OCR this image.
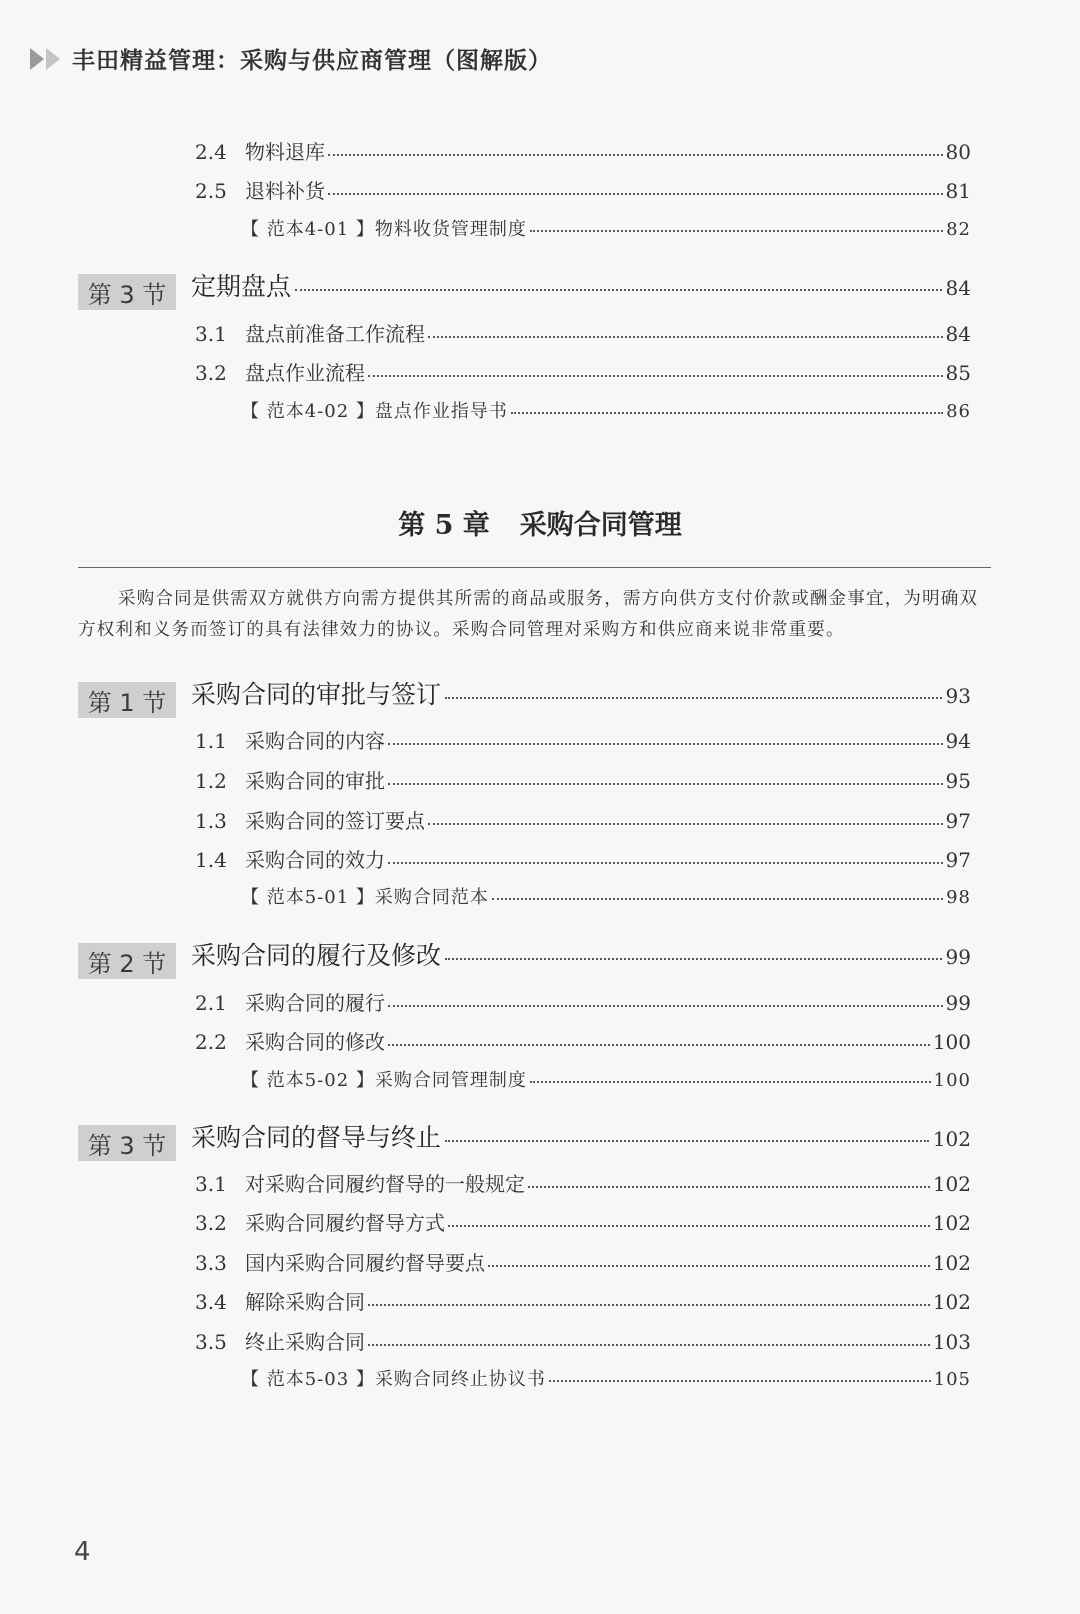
丰田精益管理：采购与供应商管理（图解版）
2.4 物料退库	80
2.5 退料补货	81
【 范本4-01 】物料收货管理制度	82
第 3 节 定期盘点	84
3.1 盘点前准备工作流程	84
3.2 盘点作业流程	85
【 范本4-02 】盘点作业指导书	86
第 5 章 采购合同管理

采购合同是供需双方就供方向需方提供其所需的商品或服务，需方向供方支付价款或酬金事宜，为明确双方权利和义务而签订的具有法律效力的协议。采购合同管理对采购方和供应商来说非常重要。

第 1 节 采购合同的审批与签订	93
1.1 采购合同的内容	94
1.2 采购合同的审批	95
1.3 采购合同的签订要点	97
1.4 采购合同的效力	97
【 范本5-01 】采购合同范本	98
第 2 节 采购合同的履行及修改	99
2.1 采购合同的履行	99
2.2 采购合同的修改	100
【 范本5-02 】采购合同管理制度	100
第 3 节 采购合同的督导与终止	102
3.1 对采购合同履约督导的一般规定	102
3.2 采购合同履约督导方式	102
3.3 国内采购合同履约督导要点	102
3.4 解除采购合同	102
3.5 终止采购合同	103
【 范本5-03 】采购合同终止协议书	105
4
